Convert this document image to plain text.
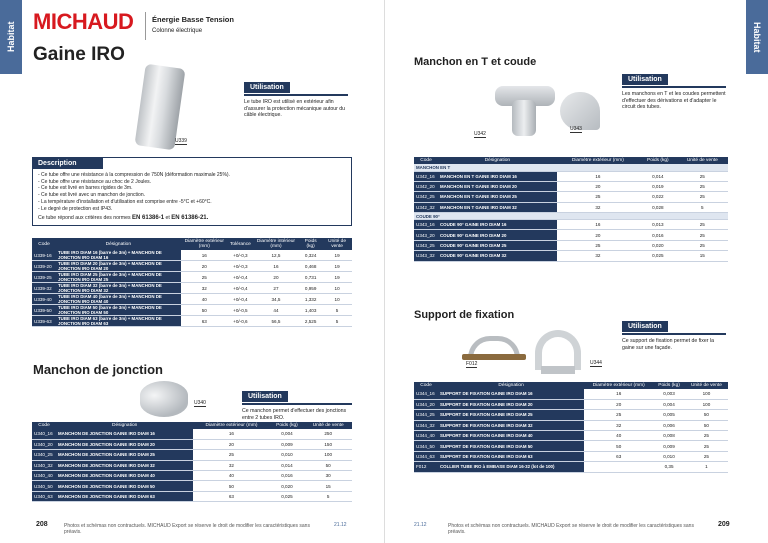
Habitat
MICHAUD Énergie Basse Tension
Colonne électrique
Gaine IRO
U339
Utilisation
Le tube IRO est utilisé en extérieur afin d'assurer la protection mécanique autour du câble électrique.
Description
- Ce tube offre une résistance à la compression de 750N (déformation maximale 25%).
- Ce tube offre une résistance au choc de 2 Joules.
- Ce tube est livré en barres rigides de 3m.
- Ce tube est livré avec un manchon de jonction.
- La température d'installation et d'utilisation est comprise entre -5°C et +60°C.
- Le degré de protection est IP43.
Ce tube répond aux critères des normes EN 61386-1 et EN 61386-21.
Code	Désignation	Diamètre extérieur (mm)	Tolérance	Diamètre intérieur (mm)	Poids (kg)	Unité de vente
U339-16	TUBE IRO DIAM 16 (barre de 3m) + MANCHON DE JONCTION IRO DIAM 16	16	+0/-0,3	12,5	0,324	19
U339-20	TUBE IRO DIAM 20 (barre de 3m) + MANCHON DE JONCTION IRO DIAM 20	20	+0/-0,3	16	0,468	19
U339-25	TUBE IRO DIAM 25 (barre de 3m) + MANCHON DE JONCTION IRO DIAM 25	25	+0/-0,4	20	0,731	19
U339-32	TUBE IRO DIAM 32 (barre de 3m) + MANCHON DE JONCTION IRO DIAM 32	32	+0/-0,4	27	0,959	10
U339-40	TUBE IRO DIAM 40 (barre de 3m) + MANCHON DE JONCTION IRO DIAM 40	40	+0/-0,4	34,5	1,332	10
U339-50	TUBE IRO DIAM 50 (barre de 3m) + MANCHON DE JONCTION IRO DIAM 50	50	+0/-0,5	44	1,403	5
U339-63	TUBE IRO DIAM 63 (barre de 3m) + MANCHON DE JONCTION IRO DIAM 63	63	+0/-0,6	56,5	2,525	5
Manchon de jonction
U340
Utilisation
Ce manchon permet d'effectuer des jonctions entre 2 tubes IRO.
Code	Désignation	Diamètre extérieur (mm)	Poids (kg)	Unité de vente
U340_16	MANCHON DE JONCTION GAINE IRO DIAM 16	16	0,004	250
U340_20	MANCHON DE JONCTION GAINE IRO DIAM 20	20	0,009	150
U340_25	MANCHON DE JONCTION GAINE IRO DIAM 25	25	0,010	100
U340_32	MANCHON DE JONCTION GAINE IRO DIAM 32	32	0,014	50
U340_40	MANCHON DE JONCTION GAINE IRO DIAM 40	40	0,016	30
U340_50	MANCHON DE JONCTION GAINE IRO DIAM 50	50	0,020	15
U340_63	MANCHON DE JONCTION GAINE IRO DIAM 63	63	0,025	5
208	Photos et schémas non contractuels. MICHAUD Export se réserve le droit de modifier les caractéristiques sans préavis.
21.12
Habitat
Manchon en T et coude
U342
U343
Utilisation
Les manchons en T et les coudes permettent d'effectuer des dérivations et d'adapter le circuit des tubes.
Code	Désignation	Diamètre extérieur (mm)	Poids (kg)	Unité de vente
MANCHON EN T				
U342_16	MANCHON EN T GAINE IRO DIAM 16	16	0,014	25
U342_20	MANCHON EN T GAINE IRO DIAM 20	20	0,019	25
U342_25	MANCHON EN T GAINE IRO DIAM 25	25	0,022	25
U342_32	MANCHON EN T GAINE IRO DIAM 32	32	0,028	5
COUDE 90°				
U343_16	COUDE 90° GAINE IRO DIAM 16	16	0,013	25
U343_20	COUDE 90° GAINE IRO DIAM 20	20	0,016	25
U343_25	COUDE 90° GAINE IRO DIAM 25	25	0,020	25
U343_32	COUDE 90° GAINE IRO DIAM 32	32	0,025	15
Support de fixation
F012	U344
Utilisation
Ce support de fixation permet de fixer la gaine sur une façade.
Code	Désignation	Diamètre extérieur (mm)	Poids (kg)	Unité de vente
U344_16	SUPPORT DE FIXATION GAINE IRO DIAM 16	16	0,003	100
U344_20	SUPPORT DE FIXATION GAINE IRO DIAM 20	20	0,004	100
U344_25	SUPPORT DE FIXATION GAINE IRO DIAM 25	25	0,005	50
U344_32	SUPPORT DE FIXATION GAINE IRO DIAM 32	32	0,006	50
U344_40	SUPPORT DE FIXATION GAINE IRO DIAM 40	40	0,008	25
U344_50	SUPPORT DE FIXATION GAINE IRO DIAM 50	50	0,009	25
U344_63	SUPPORT DE FIXATION GAINE IRO DIAM 63	63	0,010	25
F012	COLLIER TUBE IRO à EMBASE DIAM 16-32 (lot de 100)		0,35	1
21.12	Photos et schémas non contractuels. MICHAUD Export se réserve le droit de modifier les caractéristiques sans préavis.
209
